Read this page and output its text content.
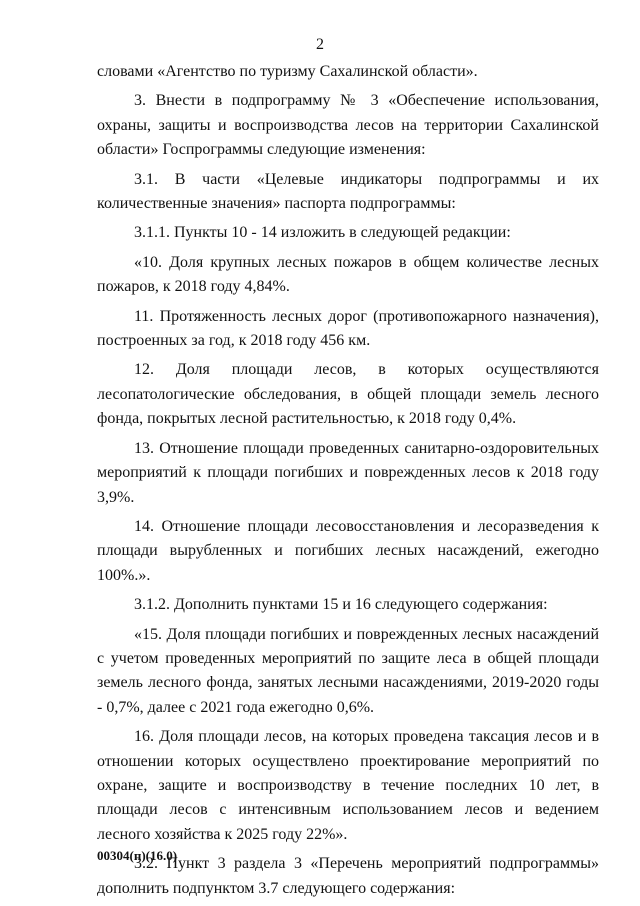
2

словами «Агентство по туризму Сахалинской области».

3. Внести в подпрограмму № 3 «Обеспечение использования, охраны, защиты и воспроизводства лесов на территории Сахалинской области» Госпрограммы следующие изменения:

3.1. В части «Целевые индикаторы подпрограммы и их количественные значения» паспорта подпрограммы:

3.1.1. Пункты 10 - 14 изложить в следующей редакции:

«10. Доля крупных лесных пожаров в общем количестве лесных пожаров, к 2018 году 4,84%.

11. Протяженность лесных дорог (противопожарного назначения), построенных за год, к 2018 году 456 км.

12. Доля площади лесов, в которых осуществляются лесопатологические обследования, в общей площади земель лесного фонда, покрытых лесной растительностью, к 2018 году 0,4%.

13. Отношение площади проведенных санитарно-оздоровительных мероприятий к площади погибших и поврежденных лесов к 2018 году 3,9%.

14. Отношение площади лесовосстановления и лесоразведения к площади вырубленных и погибших лесных насаждений, ежегодно 100%.».

3.1.2. Дополнить пунктами 15 и 16 следующего содержания:

«15. Доля площади погибших и поврежденных лесных насаждений с учетом проведенных мероприятий по защите леса в общей площади земель лесного фонда, занятых лесными насаждениями, 2019-2020 годы - 0,7%, далее с 2021 года ежегодно 0,6%.

16. Доля площади лесов, на которых проведена таксация лесов и в отношении которых осуществлено проектирование мероприятий по охране, защите и воспроизводству в течение последних 10 лет, в площади лесов с интенсивным использованием лесов и ведением лесного хозяйства к 2025 году 22%».

3.2. Пункт 3 раздела 3 «Перечень мероприятий подпрограммы» дополнить подпунктом 3.7 следующего содержания:

00304(п)(16.0)
